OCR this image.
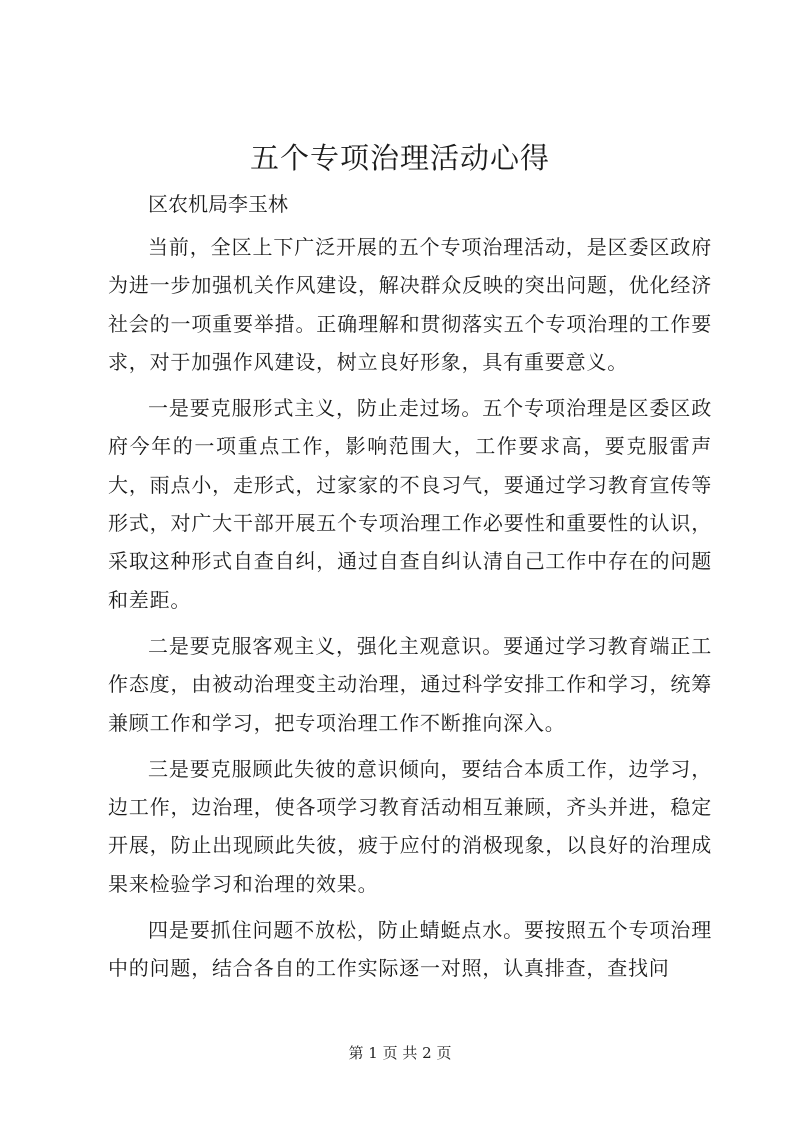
五个专项治理活动心得

区农机局李玉林

当前，全区上下广泛开展的五个专项治理活动，是区委区政府为进一步加强机关作风建设，解决群众反映的突出问题，优化经济社会的一项重要举措。正确理解和贯彻落实五个专项治理的工作要求，对于加强作风建设，树立良好形象，具有重要意义。

一是要克服形式主义，防止走过场。五个专项治理是区委区政府今年的一项重点工作，影响范围大，工作要求高，要克服雷声大，雨点小，走形式，过家家的不良习气，要通过学习教育宣传等形式，对广大干部开展五个专项治理工作必要性和重要性的认识，采取这种形式自查自纠，通过自查自纠认清自己工作中存在的问题和差距。

二是要克服客观主义，强化主观意识。要通过学习教育端正工作态度，由被动治理变主动治理，通过科学安排工作和学习，统筹兼顾工作和学习，把专项治理工作不断推向深入。

三是要克服顾此失彼的意识倾向，要结合本质工作，边学习，边工作，边治理，使各项学习教育活动相互兼顾，齐头并进，稳定开展，防止出现顾此失彼，疲于应付的消极现象，以良好的治理成果来检验学习和治理的效果。

四是要抓住问题不放松，防止蜻蜓点水。要按照五个专项治理中的问题，结合各自的工作实际逐一对照，认真排查，查找问

第 1 页 共 2 页
